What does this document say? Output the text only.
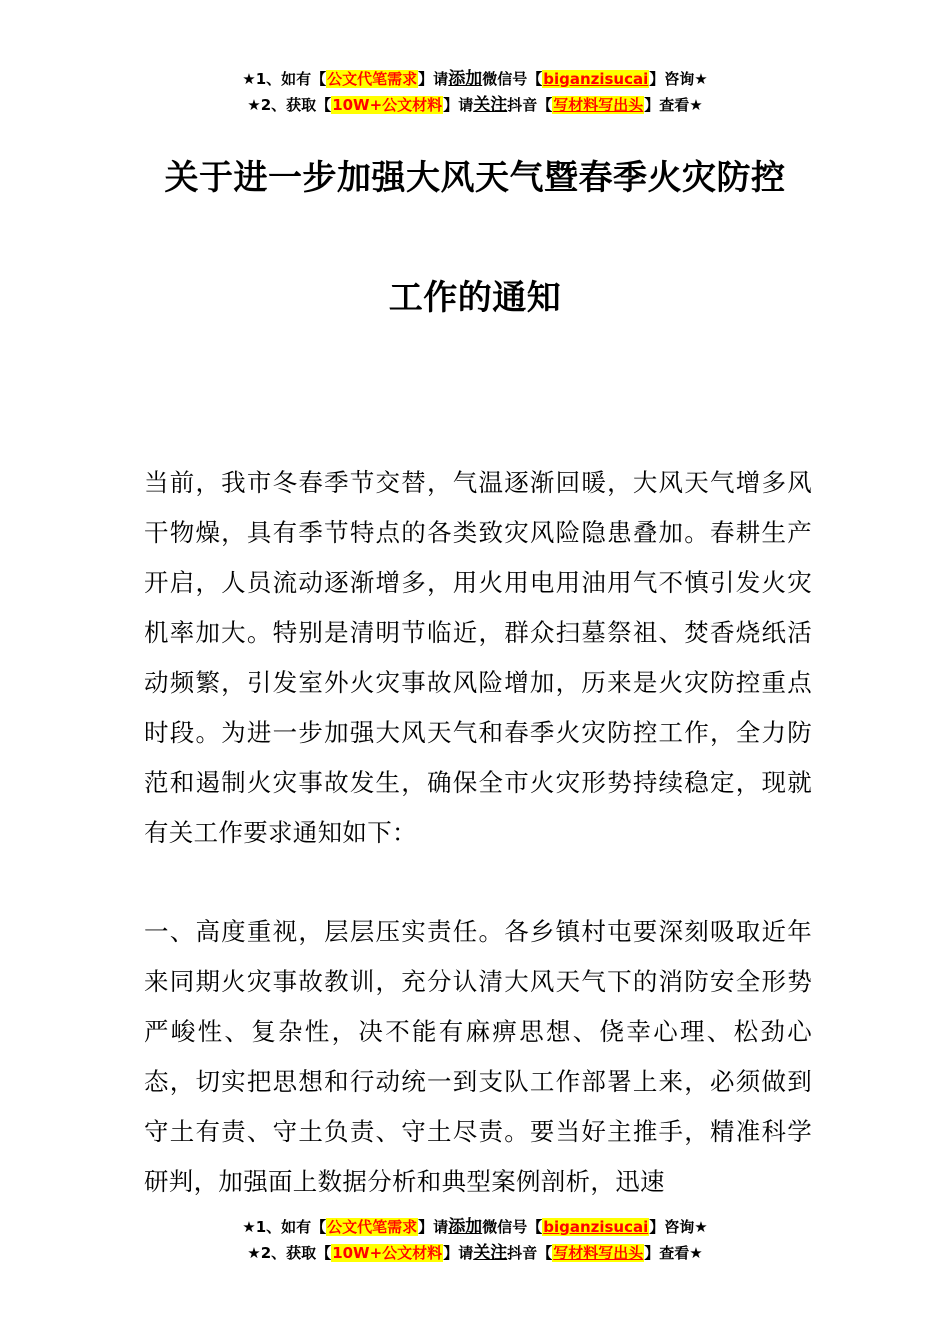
★1、如有【公文代笔需求】请添加微信号【biganzisucai】咨询★
★2、获取【10W+公文材料】请关注抖音【写材料写出头】查看★
关于进一步加强大风天气暨春季火灾防控
工作的通知
当前，我市冬春季节交替，气温逐渐回暖，大风天气增多风干物燥，具有季节特点的各类致灾风险隐患叠加。春耕生产开启，人员流动逐渐增多，用火用电用油用气不慎引发火灾机率加大。特别是清明节临近，群众扫墓祭祖、焚香烧纸活动频繁，引发室外火灾事故风险增加，历来是火灾防控重点时段。为进一步加强大风天气和春季火灾防控工作，全力防范和遏制火灾事故发生，确保全市火灾形势持续稳定，现就有关工作要求通知如下：
一、高度重视，层层压实责任。各乡镇村屯要深刻吸取近年来同期火灾事故教训，充分认清大风天气下的消防安全形势严峻性、复杂性，决不能有麻痹思想、侥幸心理、松劲心态，切实把思想和行动统一到支队工作部署上来，必须做到守土有责、守土负责、守土尽责。要当好主推手，精准科学研判，加强面上数据分析和典型案例剖析，迅速
★1、如有【公文代笔需求】请添加微信号【biganzisucai】咨询★
★2、获取【10W+公文材料】请关注抖音【写材料写出头】查看★
